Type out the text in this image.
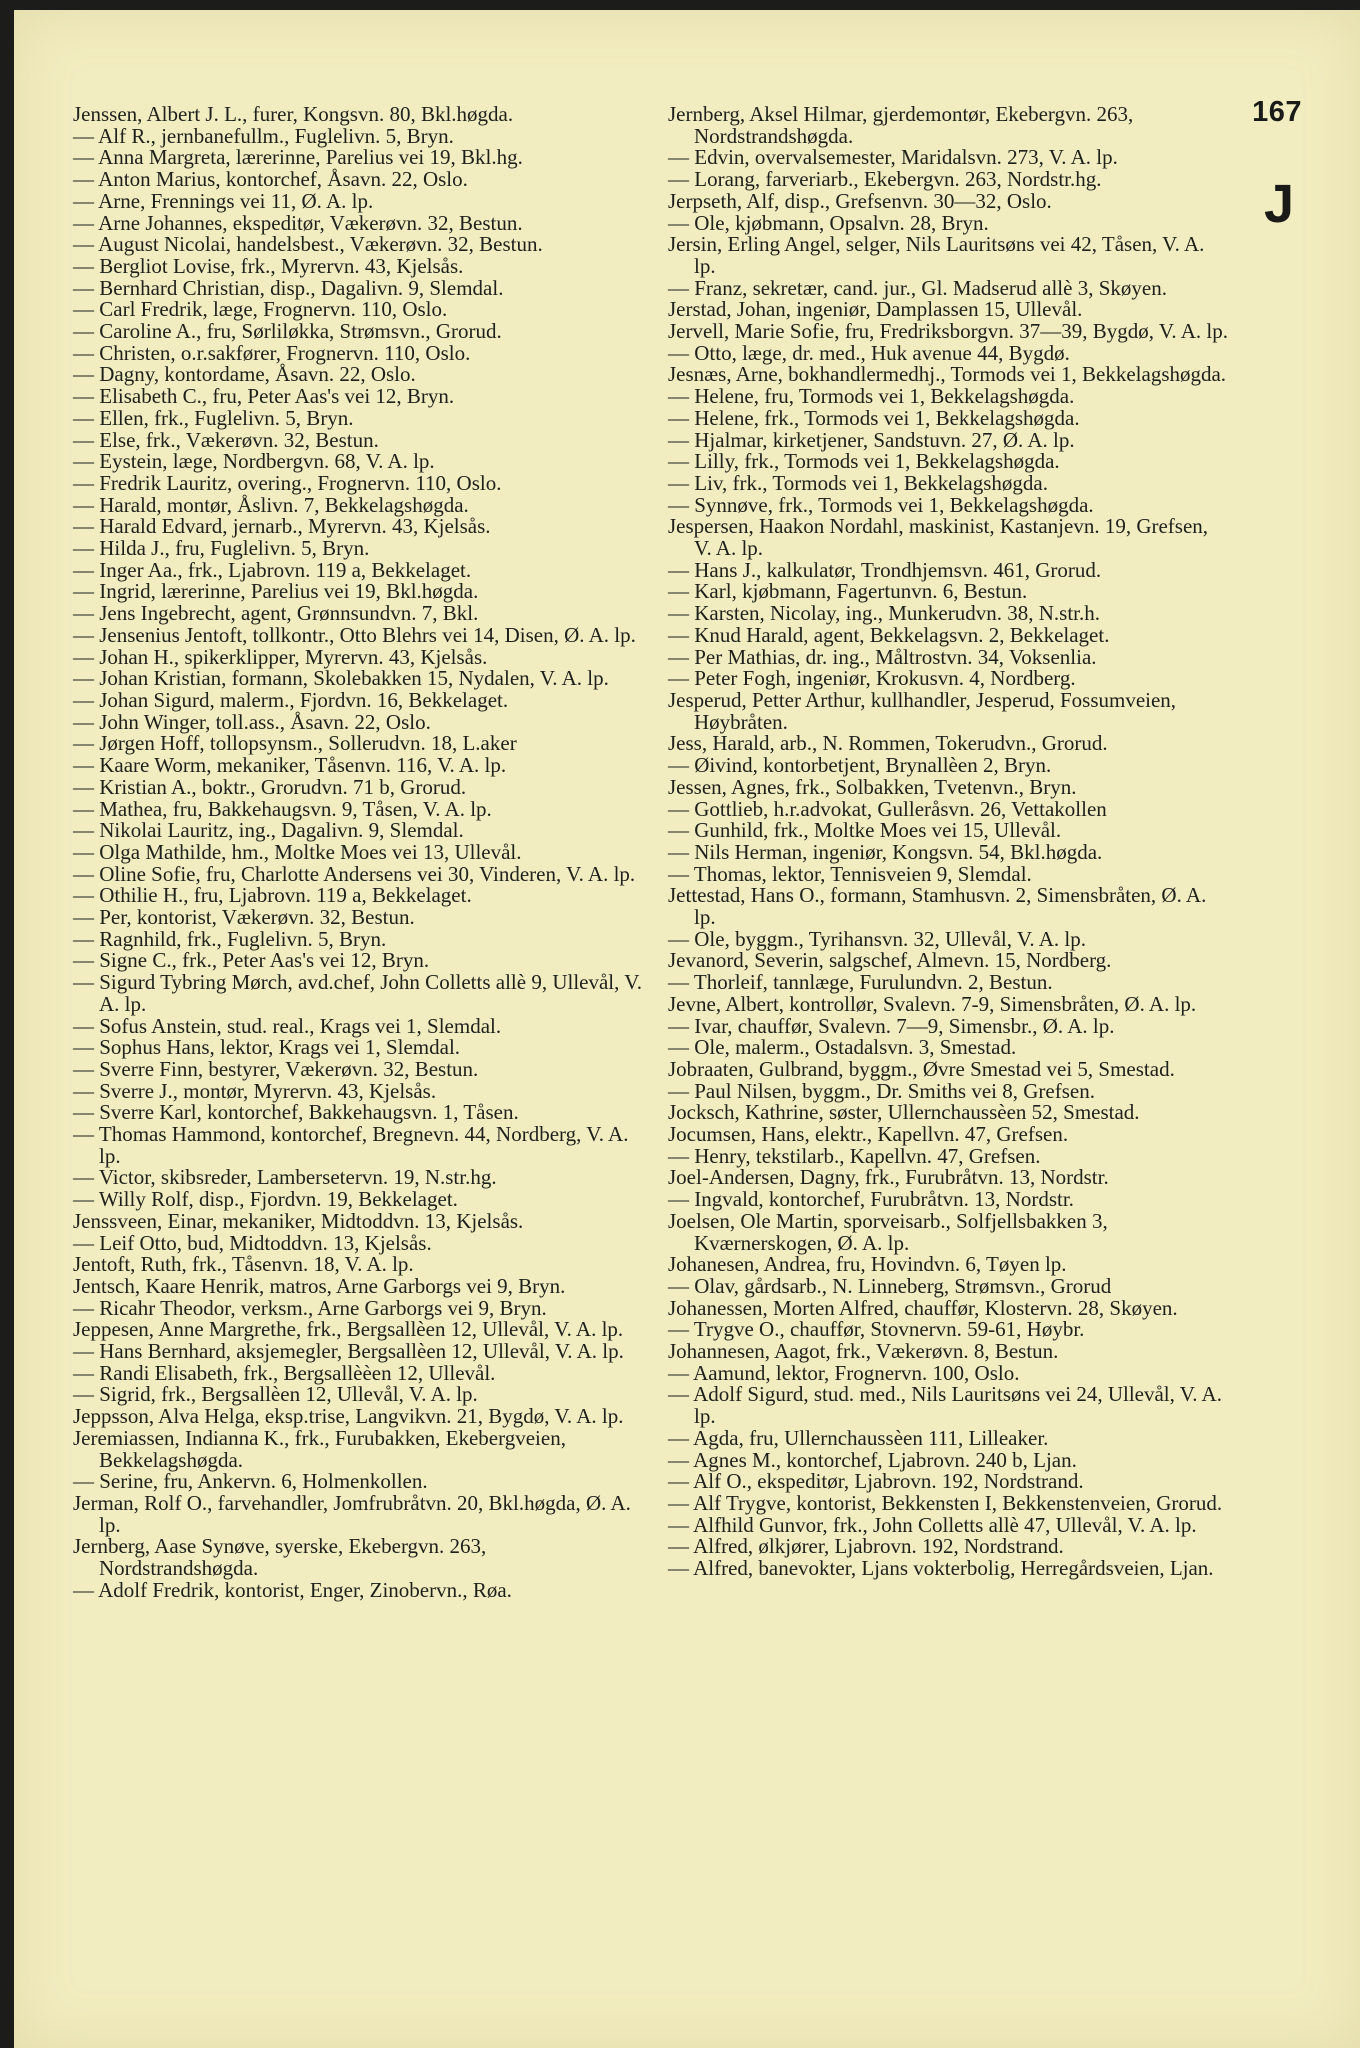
167
J

Jenssen, Albert J. L., furer, Kongsvn. 80, Bkl.høgda.

— Alf R., jernbanefullm., Fuglelivn. 5, Bryn.

— Anna Margreta, lærerinne, Parelius vei 19, Bkl.hg.

— Anton Marius, kontorchef, Åsavn. 22, Oslo.

— Arne, Frennings vei 11, Ø. A. lp.

— Arne Johannes, ekspeditør, Vækerøvn. 32, Bestun.

— August Nicolai, handelsbest., Vækerøvn. 32, Bestun.

— Bergliot Lovise, frk., Myrervn. 43, Kjelsås.

— Bernhard Christian, disp., Dagalivn. 9, Slemdal.

— Carl Fredrik, læge, Frognervn. 110, Oslo.

— Caroline A., fru, Sørliløkka, Strømsvn., Grorud.

— Christen, o.r.sakfører, Frognervn. 110, Oslo.

— Dagny, kontordame, Åsavn. 22, Oslo.

— Elisabeth C., fru, Peter Aas's vei 12, Bryn.

— Ellen, frk., Fuglelivn. 5, Bryn.

— Else, frk., Vækerøvn. 32, Bestun.

— Eystein, læge, Nordbergvn. 68, V. A. lp.

— Fredrik Lauritz, overing., Frognervn. 110, Oslo.

— Harald, montør, Åslivn. 7, Bekkelagshøgda.

— Harald Edvard, jernarb., Myrervn. 43, Kjelsås.

— Hilda J., fru, Fuglelivn. 5, Bryn.

— Inger Aa., frk., Ljabrovn. 119 a, Bekkelaget.

— Ingrid, lærerinne, Parelius vei 19, Bkl.høgda.

— Jens Ingebrecht, agent, Grønnsundvn. 7, Bkl.

— Jensenius Jentoft, tollkontr., Otto Blehrs vei 14, Disen, Ø. A. lp.

— Johan H., spikerklipper, Myrervn. 43, Kjelsås.

— Johan Kristian, formann, Skolebakken 15, Nydalen, V. A. lp.

— Johan Sigurd, malerm., Fjordvn. 16, Bekkelaget.

— John Winger, toll.ass., Åsavn. 22, Oslo.

— Jørgen Hoff, tollopsynsm., Sollerudvn. 18, L.aker

— Kaare Worm, mekaniker, Tåsenvn. 116, V. A. lp.

— Kristian A., boktr., Grorudvn. 71 b, Grorud.

— Mathea, fru, Bakkehaugsvn. 9, Tåsen, V. A. lp.

— Nikolai Lauritz, ing., Dagalivn. 9, Slemdal.

— Olga Mathilde, hm., Moltke Moes vei 13, Ullevål.

— Oline Sofie, fru, Charlotte Andersens vei 30, Vinderen, V. A. lp.

— Othilie H., fru, Ljabrovn. 119 a, Bekkelaget.

— Per, kontorist, Vækerøvn. 32, Bestun.

— Ragnhild, frk., Fuglelivn. 5, Bryn.

— Signe C., frk., Peter Aas's vei 12, Bryn.

— Sigurd Tybring Mørch, avd.chef, John Colletts allè 9, Ullevål, V. A. lp.

— Sofus Anstein, stud. real., Krags vei 1, Slemdal.

— Sophus Hans, lektor, Krags vei 1, Slemdal.

— Sverre Finn, bestyrer, Vækerøvn. 32, Bestun.

— Sverre J., montør, Myrervn. 43, Kjelsås.

— Sverre Karl, kontorchef, Bakkehaugsvn. 1, Tåsen.

— Thomas Hammond, kontorchef, Bregnevn. 44, Nordberg, V. A. lp.

— Victor, skibsreder, Lambersetervn. 19, N.str.hg.

— Willy Rolf, disp., Fjordvn. 19, Bekkelaget.

Jenssveen, Einar, mekaniker, Midtoddvn. 13, Kjelsås.

— Leif Otto, bud, Midtoddvn. 13, Kjelsås.

Jentoft, Ruth, frk., Tåsenvn. 18, V. A. lp.

Jentsch, Kaare Henrik, matros, Arne Garborgs vei 9, Bryn.

— Ricahr Theodor, verksm., Arne Garborgs vei 9, Bryn.

Jeppesen, Anne Margrethe, frk., Bergsallèen 12, Ullevål, V. A. lp.

— Hans Bernhard, aksjemegler, Bergsallèen 12, Ullevål, V. A. lp.

— Randi Elisabeth, frk., Bergsallèèen 12, Ullevål.

— Sigrid, frk., Bergsallèen 12, Ullevål, V. A. lp.

Jeppsson, Alva Helga, eksp.trise, Langvikvn. 21, Bygdø, V. A. lp.

Jeremiassen, Indianna K., frk., Furubakken, Ekebergveien, Bekkelagshøgda.

— Serine, fru, Ankervn. 6, Holmenkollen.

Jerman, Rolf O., farvehandler, Jomfrubråtvn. 20, Bkl.høgda, Ø. A. lp.

Jernberg, Aase Synøve, syerske, Ekebergvn. 263, Nordstrandshøgda.

— Adolf Fredrik, kontorist, Enger, Zinobervn., Røa.

Jernberg, Aksel Hilmar, gjerdemontør, Ekebergvn. 263, Nordstrandshøgda.

— Edvin, overvalsemester, Maridalsvn. 273, V. A. lp.

— Lorang, farveriarb., Ekebergvn. 263, Nordstr.hg.

Jerpseth, Alf, disp., Grefsenvn. 30—32, Oslo.

— Ole, kjøbmann, Opsalvn. 28, Bryn.

Jersin, Erling Angel, selger, Nils Lauritsøns vei 42, Tåsen, V. A. lp.

— Franz, sekretær, cand. jur., Gl. Madserud allè 3, Skøyen.

Jerstad, Johan, ingeniør, Damplassen 15, Ullevål.

Jervell, Marie Sofie, fru, Fredriksborgvn. 37—39, Bygdø, V. A. lp.

— Otto, læge, dr. med., Huk avenue 44, Bygdø.

Jesnæs, Arne, bokhandlermedhj., Tormods vei 1, Bekkelagshøgda.

— Helene, fru, Tormods vei 1, Bekkelagshøgda.

— Helene, frk., Tormods vei 1, Bekkelagshøgda.

— Hjalmar, kirketjener, Sandstuvn. 27, Ø. A. lp.

— Lilly, frk., Tormods vei 1, Bekkelagshøgda.

— Liv, frk., Tormods vei 1, Bekkelagshøgda.

— Synnøve, frk., Tormods vei 1, Bekkelagshøgda.

Jespersen, Haakon Nordahl, maskinist, Kastanjevn. 19, Grefsen, V. A. lp.

— Hans J., kalkulatør, Trondhjemsvn. 461, Grorud.

— Karl, kjøbmann, Fagertunvn. 6, Bestun.

— Karsten, Nicolay, ing., Munkerudvn. 38, N.str.h.

— Knud Harald, agent, Bekkelagsvn. 2, Bekkelaget.

— Per Mathias, dr. ing., Måltrostvn. 34, Voksenlia.

— Peter Fogh, ingeniør, Krokusvn. 4, Nordberg.

Jesperud, Petter Arthur, kullhandler, Jesperud, Fossumveien, Høybråten.

Jess, Harald, arb., N. Rommen, Tokerudvn., Grorud.

— Øivind, kontorbetjent, Brynallèen 2, Bryn.

Jessen, Agnes, frk., Solbakken, Tvetenvn., Bryn.

— Gottlieb, h.r.advokat, Gulleråsvn. 26, Vettakollen

— Gunhild, frk., Moltke Moes vei 15, Ullevål.

— Nils Herman, ingeniør, Kongsvn. 54, Bkl.høgda.

— Thomas, lektor, Tennisveien 9, Slemdal.

Jettestad, Hans O., formann, Stamhusvn. 2, Simensbråten, Ø. A. lp.

— Ole, byggm., Tyrihansvn. 32, Ullevål, V. A. lp.

Jevanord, Severin, salgschef, Almevn. 15, Nordberg.

— Thorleif, tannlæge, Furulundvn. 2, Bestun.

Jevne, Albert, kontrollør, Svalevn. 7-9, Simensbråten, Ø. A. lp.

— Ivar, chauffør, Svalevn. 7—9, Simensbr., Ø. A. lp.

— Ole, malerm., Ostadalsvn. 3, Smestad.

Jobraaten, Gulbrand, byggm., Øvre Smestad vei 5, Smestad.

— Paul Nilsen, byggm., Dr. Smiths vei 8, Grefsen.

Jocksch, Kathrine, søster, Ullernchaussèen 52, Smestad.

Jocumsen, Hans, elektr., Kapellvn. 47, Grefsen.

— Henry, tekstilarb., Kapellvn. 47, Grefsen.

Joel-Andersen, Dagny, frk., Furubråtvn. 13, Nordstr.

— Ingvald, kontorchef, Furubråtvn. 13, Nordstr.

Joelsen, Ole Martin, sporveisarb., Solfjellsbakken 3, Kværnerskogen, Ø. A. lp.

Johanesen, Andrea, fru, Hovindvn. 6, Tøyen lp.

— Olav, gårdsarb., N. Linneberg, Strømsvn., Grorud

Johanessen, Morten Alfred, chauffør, Klostervn. 28, Skøyen.

— Trygve O., chauffør, Stovnervn. 59-61, Høybr.

Johannesen, Aagot, frk., Vækerøvn. 8, Bestun.

— Aamund, lektor, Frognervn. 100, Oslo.

— Adolf Sigurd, stud. med., Nils Lauritsøns vei 24, Ullevål, V. A. lp.

— Agda, fru, Ullernchaussèen 111, Lilleaker.

— Agnes M., kontorchef, Ljabrovn. 240 b, Ljan.

— Alf O., ekspeditør, Ljabrovn. 192, Nordstrand.

— Alf Trygve, kontorist, Bekkensten I, Bekkenstenveien, Grorud.

— Alfhild Gunvor, frk., John Colletts allè 47, Ullevål, V. A. lp.

— Alfred, ølkjører, Ljabrovn. 192, Nordstrand.

— Alfred, banevokter, Ljans vokterbolig, Herregårdsveien, Ljan.
